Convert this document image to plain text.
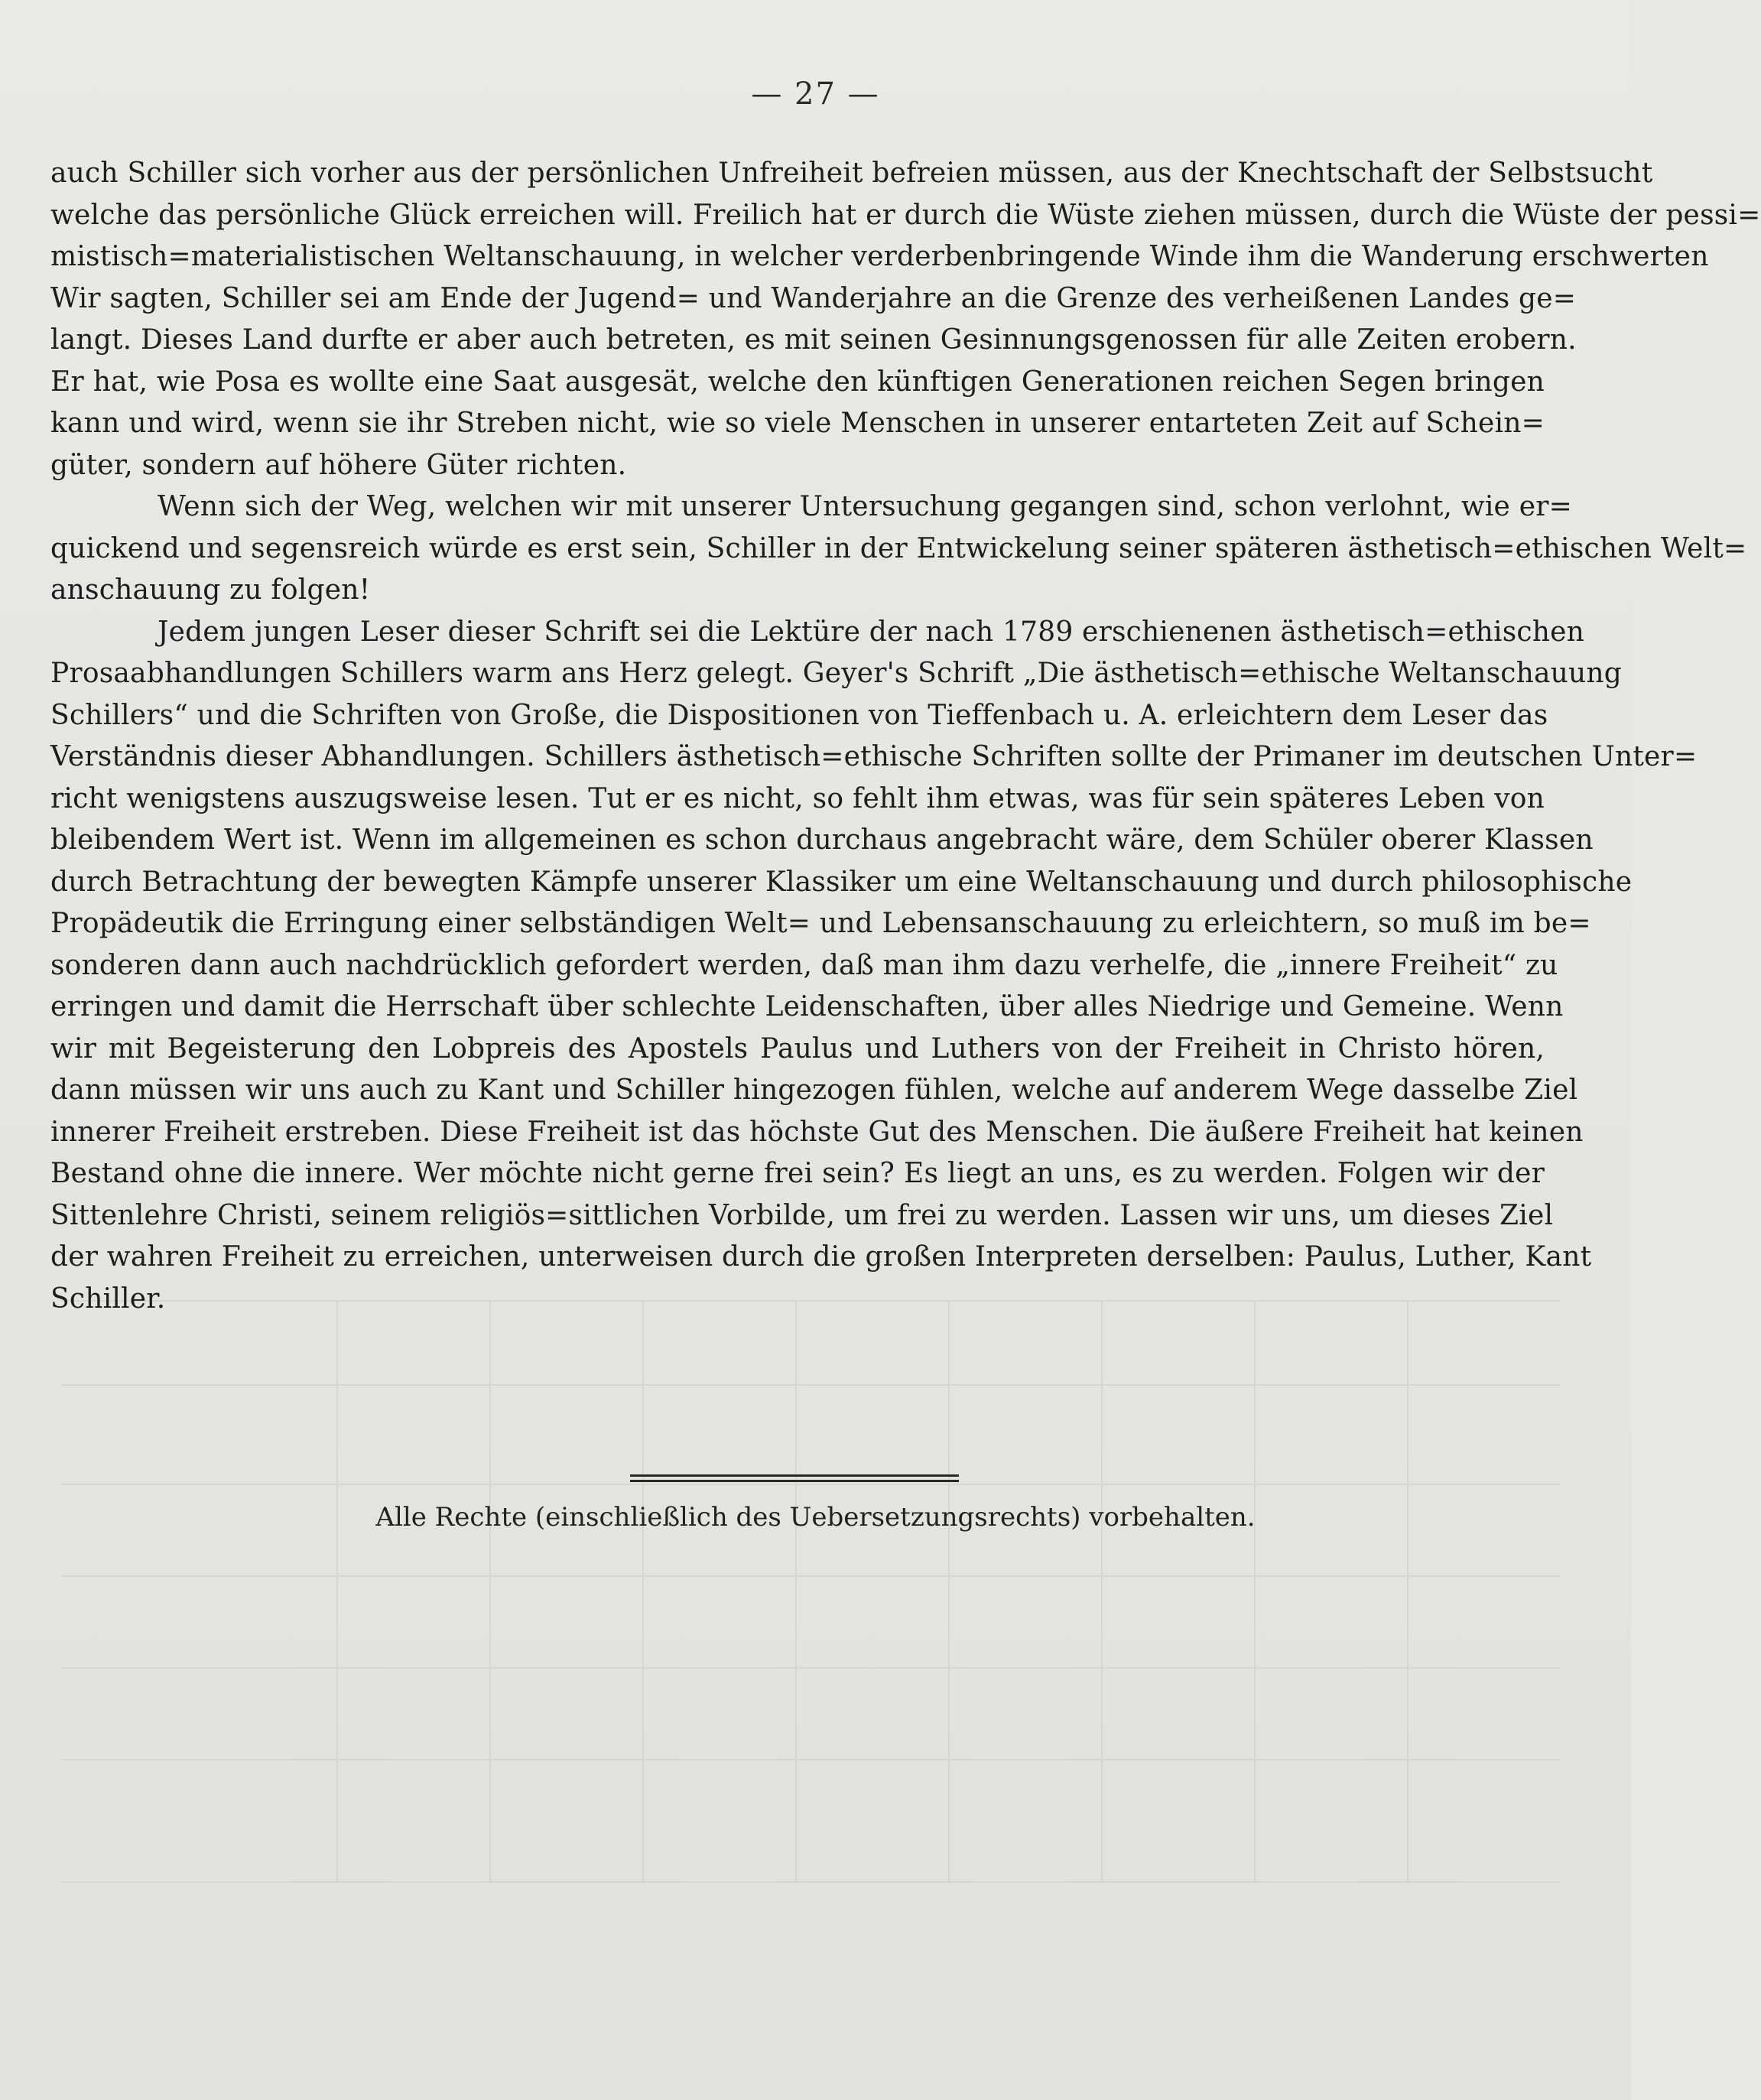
— 27 —
auch Schiller sich vorher aus der persönlichen Unfreiheit befreien müssen, aus der Knechtschaft der Selbstsucht
welche das persönliche Glück erreichen will. Freilich hat er durch die Wüste ziehen müssen, durch die Wüste der pessi=
mistisch=materialistischen Weltanschauung, in welcher verderbenbringende Winde ihm die Wanderung erschwerten
Wir sagten, Schiller sei am Ende der Jugend= und Wanderjahre an die Grenze des verheißenen Landes ge=
langt. Dieses Land durfte er aber auch betreten, es mit seinen Gesinnungsgenossen für alle Zeiten erobern.
Er hat, wie Posa es wollte eine Saat ausgesät, welche den künftigen Generationen reichen Segen bringen
kann und wird, wenn sie ihr Streben nicht, wie so viele Menschen in unserer entarteten Zeit auf Schein=
güter, sondern auf höhere Güter richten.
Wenn sich der Weg, welchen wir mit unserer Untersuchung gegangen sind, schon verlohnt, wie er=
quickend und segensreich würde es erst sein, Schiller in der Entwickelung seiner späteren ästhetisch=ethischen Welt=
anschauung zu folgen!
Jedem jungen Leser dieser Schrift sei die Lektüre der nach 1789 erschienenen ästhetisch=ethischen
Prosaabhandlungen Schillers warm ans Herz gelegt. Geyer's Schrift „Die ästhetisch=ethische Weltanschauung
Schillers“ und die Schriften von Große, die Dispositionen von Tieffenbach u. A. erleichtern dem Leser das
Verständnis dieser Abhandlungen. Schillers ästhetisch=ethische Schriften sollte der Primaner im deutschen Unter=
richt wenigstens auszugsweise lesen. Tut er es nicht, so fehlt ihm etwas, was für sein späteres Leben von
bleibendem Wert ist. Wenn im allgemeinen es schon durchaus angebracht wäre, dem Schüler oberer Klassen
durch Betrachtung der bewegten Kämpfe unserer Klassiker um eine Weltanschauung und durch philosophische
Propädeutik die Erringung einer selbständigen Welt= und Lebensanschauung zu erleichtern, so muß im be=
sonderen dann auch nachdrücklich gefordert werden, daß man ihm dazu verhelfe, die „innere Freiheit“ zu
erringen und damit die Herrschaft über schlechte Leidenschaften, über alles Niedrige und Gemeine. Wenn
wir mit Begeisterung den Lobpreis des Apostels Paulus und Luthers von der Freiheit in Christo hören,
dann müssen wir uns auch zu Kant und Schiller hingezogen fühlen, welche auf anderem Wege dasselbe Ziel
innerer Freiheit erstreben. Diese Freiheit ist das höchste Gut des Menschen. Die äußere Freiheit hat keinen
Bestand ohne die innere. Wer möchte nicht gerne frei sein? Es liegt an uns, es zu werden. Folgen wir der
Sittenlehre Christi, seinem religiös=sittlichen Vorbilde, um frei zu werden. Lassen wir uns, um dieses Ziel
der wahren Freiheit zu erreichen, unterweisen durch die großen Interpreten derselben: Paulus, Luther, Kant
Schiller.
Alle Rechte (einschließlich des Uebersetzungsrechts) vorbehalten.
